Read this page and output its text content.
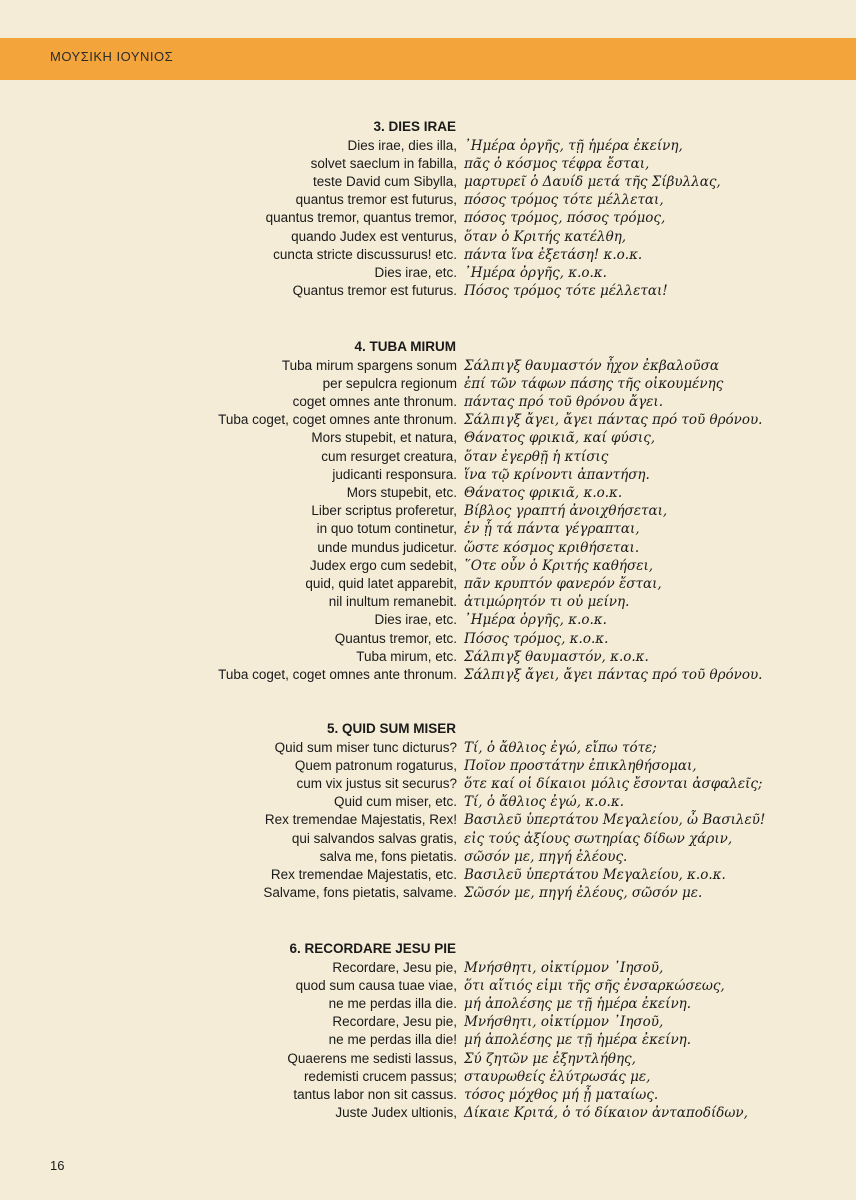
ΜΟΥΣΙΚΗ ΙΟΥΝΙΟΣ
3. DIES IRAE
Dies irae, dies illa, ᾽Ημέρα ὀργῆς, τῇ ἡμέρα ἐκείνη,
solvet saeclum in fabilla, πᾶς ὁ κόσμος τέφρα ἔσται,
teste David cum Sibylla, μαρτυρεῖ ὁ Δαυίδ μετά τῆς Σίβυλλας,
quantus tremor est futurus, πόσος τρόμος τότε μέλλεται,
quantus tremor, quantus tremor, πόσος τρόμος, πόσος τρόμος,
quando Judex est venturus, ὅταν ὁ Κριτής κατέλθη,
cuncta stricte discussurus! etc. πάντα ἵνα ἐξετάση! κ.ο.κ.
Dies irae, etc. ᾽Ημέρα ὀργῆς, κ.ο.κ.
Quantus tremor est futurus. Πόσος τρόμος τότε μέλλεται!
4. TUBA MIRUM
Tuba mirum spargens sonum Σάλπιγξ θαυμαστόν ἦχον ἐκβαλοῦσα
per sepulcra regionum ἐπί τῶν τάφων πάσης τῆς οἰκουμένης
coget omnes ante thronum. πάντας πρό τοῦ θρόνου ἄγει.
Tuba coget, coget omnes ante thronum. Σάλπιγξ ἄγει, ἄγει πάντας πρό τοῦ θρόνου.
Mors stupebit, et natura, Θάνατος φρικιᾶ, καί φύσις,
cum resurget creatura, ὅταν ἐγερθῇ ἡ κτίσις
judicanti responsura. ἵνα τῷ κρίνοντι ἀπαντήση.
Mors stupebit, etc. Θάνατος φρικιᾶ, κ.ο.κ.
Liber scriptus proferetur, Βίβλος γραπτή ἀνοιχθήσεται,
in quo totum continetur, ἐν ᾗ τά πάντα γέγραπται,
unde mundus judicetur. ὥστε κόσμος κριθήσεται.
Judex ergo cum sedebit, ῞Οτε οὖν ὁ Κριτής καθήσει,
quid, quid latet apparebit, πᾶν κρυπτόν φανερόν ἔσται,
nil inultum remanebit. ἀτιμώρητόν τι οὐ μείνη.
Dies irae, etc. ᾽Ημέρα ὀργῆς, κ.ο.κ.
Quantus tremor, etc. Πόσος τρόμος, κ.ο.κ.
Tuba mirum, etc. Σάλπιγξ θαυμαστόν, κ.ο.κ.
Tuba coget, coget omnes ante thronum. Σάλπιγξ ἄγει, ἄγει πάντας πρό τοῦ θρόνου.
5. QUID SUM MISER
Quid sum miser tunc dicturus? Τί, ὁ ἄθλιος ἐγώ, εἴπω τότε;
Quem patronum rogaturus, Ποῖον προστάτην ἐπικληθήσομαι,
cum vix justus sit securus? ὅτε καί οἱ δίκαιοι μόλις ἔσονται ἀσφαλεῖς;
Quid cum miser, etc. Τί, ὁ ἄθλιος ἐγώ, κ.ο.κ.
Rex tremendae Majestatis, Rex! Βασιλεῦ ὑπερτάτου Μεγαλείου, ὦ Βασιλεῦ!
qui salvandos salvas gratis, εἰς τούς ἀξίους σωτηρίας δίδων χάριν,
salva me, fons pietatis. σῶσόν με, πηγή ἐλέους.
Rex tremendae Majestatis, etc. Βασιλεῦ ὑπερτάτου Μεγαλείου, κ.ο.κ.
Salvame, fons pietatis, salvame. Σῶσόν με, πηγή ἐλέους, σῶσόν με.
6. RECORDARE JESU PIE
Recordare, Jesu pie, Μνήσθητι, οἰκτίρμον ᾽Ιησοῦ,
quod sum causa tuae viae, ὅτι αἴτιός εἰμι τῆς σῆς ἐνσαρκώσεως,
ne me perdas illa die. μή ἀπολέσης με τῇ ἡμέρα ἐκείνη.
Recordare, Jesu pie, Μνήσθητι, οἰκτίρμον ᾽Ιησοῦ,
ne me perdas illa die! μή ἀπολέσης με τῇ ἡμέρα ἐκείνη.
Quaerens me sedisti lassus, Σύ ζητῶν με ἐξηντλήθης,
redemisti crucem passus; σταυρωθείς ἐλύτρωσάς με,
tantus labor non sit cassus. τόσος μόχθος μή ᾖ ματαίως.
Juste Judex ultionis, Δίκαιε Κριτά, ὁ τό δίκαιον ἀνταποδίδων,
16
